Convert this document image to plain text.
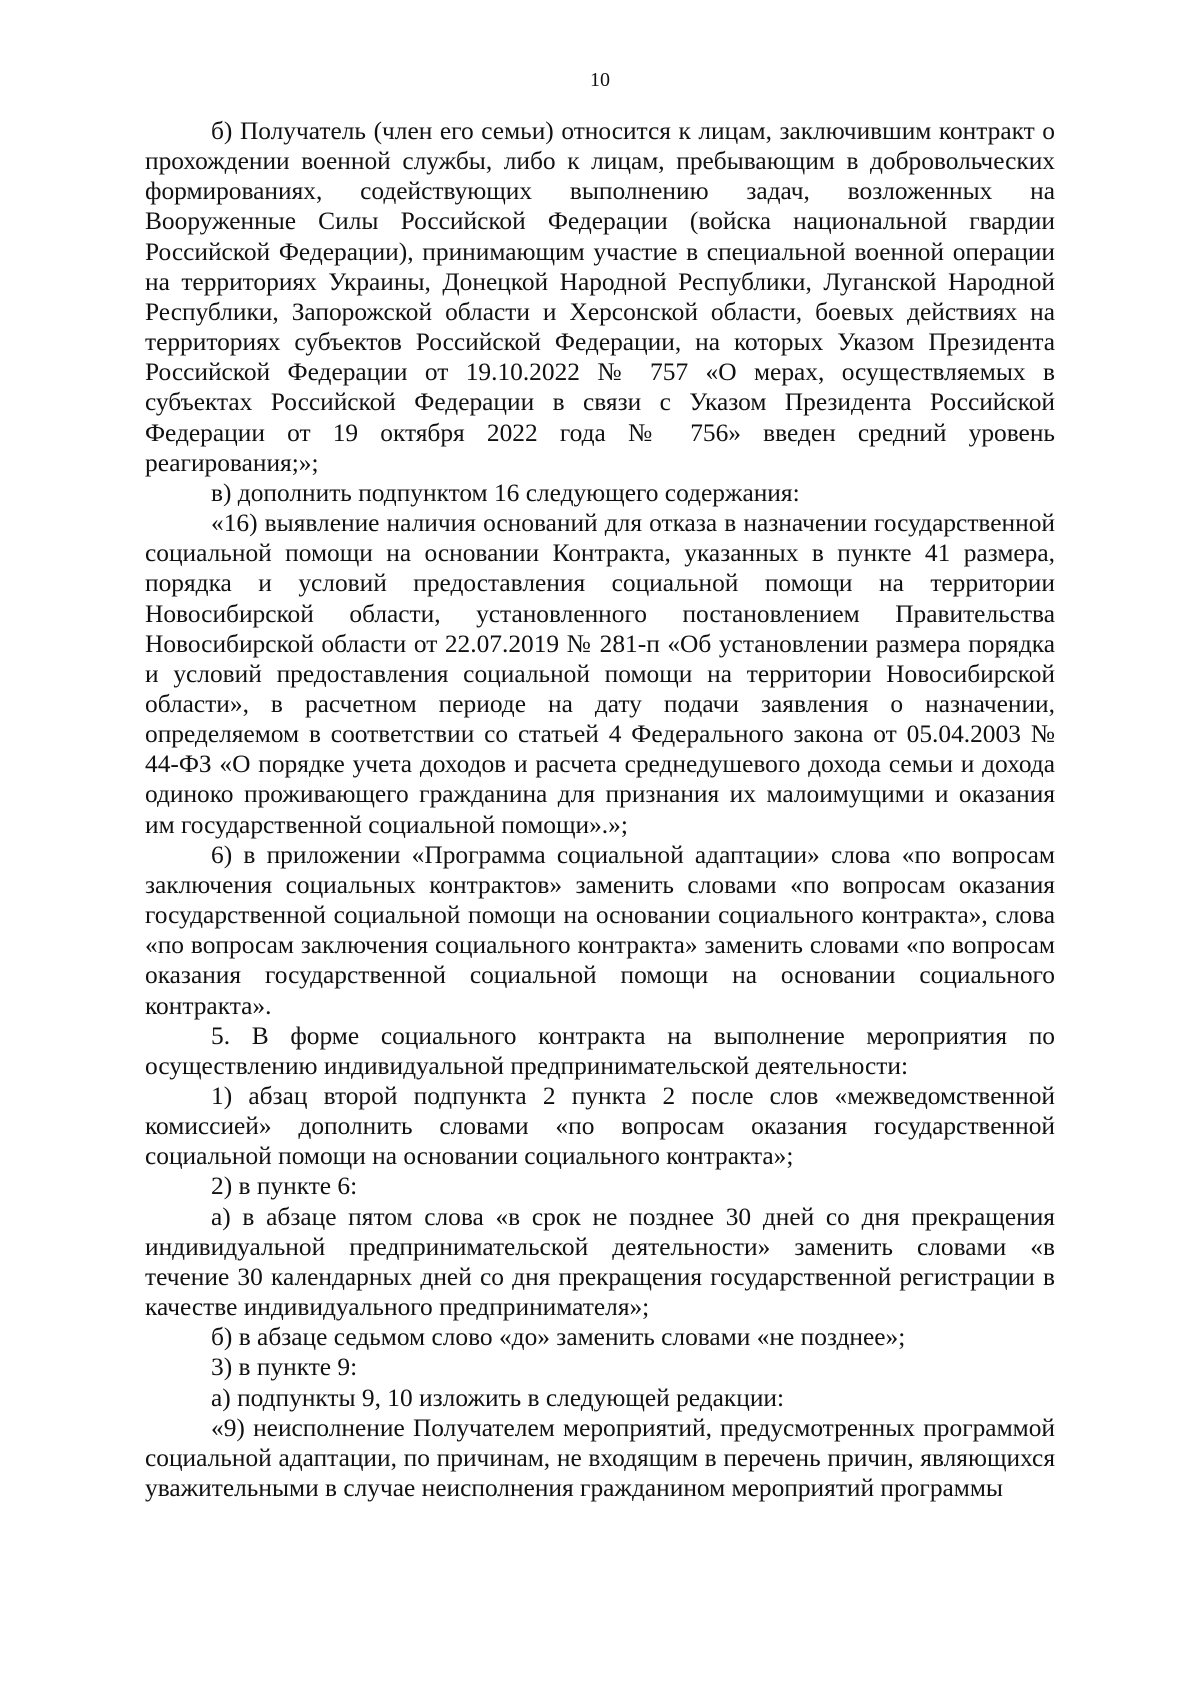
10

б) Получатель (член его семьи) относится к лицам, заключившим контракт о прохождении военной службы, либо к лицам, пребывающим в добровольческих формированиях, содействующих выполнению задач, возложенных на Вооруженные Силы Российской Федерации (войска национальной гвардии Российской Федерации), принимающим участие в специальной военной операции на территориях Украины, Донецкой Народной Республики, Луганской Народной Республики, Запорожской области и Херсонской области, боевых действиях на территориях субъектов Российской Федерации, на которых Указом Президента Российской Федерации от 19.10.2022 № 757 «О мерах, осуществляемых в субъектах Российской Федерации в связи с Указом Президента Российской Федерации от 19 октября 2022 года № 756» введен средний уровень реагирования;»;

в) дополнить подпунктом 16 следующего содержания:

«16) выявление наличия оснований для отказа в назначении государственной социальной помощи на основании Контракта, указанных в пункте 41 размера, порядка и условий предоставления социальной помощи на территории Новосибирской области, установленного постановлением Правительства Новосибирской области от 22.07.2019 № 281-п «Об установлении размера порядка и условий предоставления социальной помощи на территории Новосибирской области», в расчетном периоде на дату подачи заявления о назначении, определяемом в соответствии со статьей 4 Федерального закона от 05.04.2003 № 44-ФЗ «О порядке учета доходов и расчета среднедушевого дохода семьи и дохода одиноко проживающего гражданина для признания их малоимущими и оказания им государственной социальной помощи».»;

6) в приложении «Программа социальной адаптации» слова «по вопросам заключения социальных контрактов» заменить словами «по вопросам оказания государственной социальной помощи на основании социального контракта», слова «по вопросам заключения социального контракта» заменить словами «по вопросам оказания государственной социальной помощи на основании социального контракта».

5. В форме социального контракта на выполнение мероприятия по осуществлению индивидуальной предпринимательской деятельности:

1) абзац второй подпункта 2 пункта 2 после слов «межведомственной комиссией» дополнить словами «по вопросам оказания государственной социальной помощи на основании социального контракта»;

2) в пункте 6:

а) в абзаце пятом слова «в срок не позднее 30 дней со дня прекращения индивидуальной предпринимательской деятельности» заменить словами «в течение 30 календарных дней со дня прекращения государственной регистрации в качестве индивидуального предпринимателя»;

б) в абзаце седьмом слово «до» заменить словами «не позднее»;

3) в пункте 9:

а) подпункты 9, 10 изложить в следующей редакции:

«9) неисполнение Получателем мероприятий, предусмотренных программой социальной адаптации, по причинам, не входящим в перечень причин, являющихся уважительными в случае неисполнения гражданином мероприятий программы
